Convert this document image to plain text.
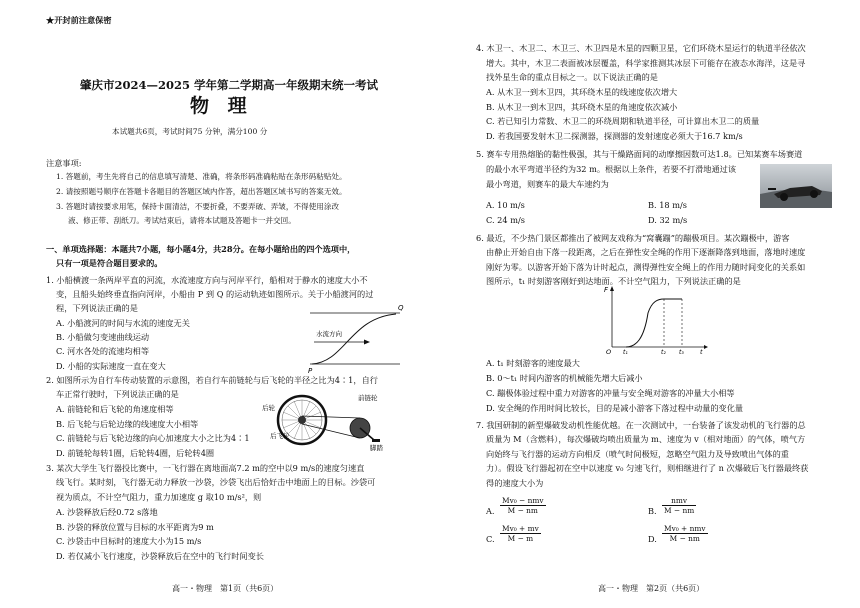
★开封前注意保密
肇庆市2024—2025 学年第二学期高一年级期末统一考试
物 理
本试题共6页，考试时间75 分钟，满分100 分
注意事项:
1. 答题前，考生先将自己的信息填写清楚、准确，将条形码准确粘贴在条形码粘贴处。
2. 请按照题号顺序在答题卡各题目的答题区域内作答，超出答题区域书写的答案无效。
3. 答题时请按要求用笔，保持卡面清洁，不要折叠，不要弄破、弄皱，不得使用涂改
液、修正带、刮纸刀。考试结束后，请将本试题及答题卡一并交回。
一、单项选择题：本题共7小题，每小题4分，共28分。在每小题给出的四个选项中，
只有一项是符合题目要求的。
1. 小船横渡一条两岸平直的河流，水流速度方向与河岸平行，船相对于静水的速度大小不
变，且船头始终垂直指向河岸，小船由 P 到 Q 的运动轨迹如图所示。关于小船渡河的过
程，下列说法正确的是
A. 小船渡河的时间与水流的速度无关
B. 小船做匀变速曲线运动
C. 河水各处的流速均相等
D. 小船的实际速度一直在变大
水流方向
Q
P
2. 如图所示为自行车传动装置的示意图，若自行车前链轮与后飞轮的半径之比为4∶1，自行
车正常行驶时，下列说法正确的是
A. 前链轮和后飞轮的角速度相等
B. 后飞轮与后轮边缘的线速度大小相等
C. 前链轮与后飞轮边缘的向心加速度大小之比为4∶1
D. 前链轮每转1圈，后轮转4圈，后轮转4圈
后轮
前链轮
后飞轮
脚踏
3. 某次大学生飞行器投比赛中，一飞行器在离地面高7.2 m的空中以9 m/s的速度匀速直
线飞行。某时刻，飞行器无动力释放一沙袋，沙袋飞出后恰好击中地面上的目标。沙袋可
视为质点，不计空气阻力，重力加速度 g 取10 m/s²，则
A. 沙袋释放后经0.72 s落地
B. 沙袋的释放位置与目标的水平距离为9 m
C. 沙袋击中目标时的速度大小为15 m/s
D. 若仅减小飞行速度，沙袋释放后在空中的飞行时间变长
高一・物理　第1页（共6页）
4. 木卫一、木卫二、木卫三、木卫四是木星的四颗卫星，它们环绕木星运行的轨道半径依次
增大。其中，木卫二表面被冰层覆盖，科学家推测其冰层下可能存在液态水海洋，这是寻
找外星生命的重点目标之一。以下说法正确的是
A. 从木卫一到木卫四，其环绕木星的线速度依次增大
B. 从木卫一到木卫四，其环绕木星的角速度依次减小
C. 若已知引力常数、木卫二的环绕周期和轨道半径，可计算出木卫二的质量
D. 若我国要发射木卫二探测器，探测器的发射速度必须大于16.7 km/s
5. 赛车专用热熔胎的黏性极强，其与干燥路面间的动摩擦因数可达1.8。已知某赛车场赛道
的最小水平弯道半径约为32 m。根据以上条件，若要不打滑地通过该
最小弯道，则赛车的最大车速约为
A. 10 m/s	B. 18 m/s
C. 24 m/s	D. 32 m/s
6. 最近，不少热门景区都推出了被网友戏称为“窝囊蹦”的蹦极项目。某次蹦极中，游客
由静止开始自由下落一段距离，之后在弹性安全绳的作用下逐渐降落到地面，落地时速度
刚好为零。以游客开始下落为计时起点，测得弹性安全绳上的作用力随时间变化的关系如
图所示，t₁ 时刻游客刚好到达地面。不计空气阻力，下列说法正确的是
F
O t₁	t₂ t₃ t
A. t₁ 时刻游客的速度最大
B. 0～t₁ 时间内游客的机械能先增大后减小
C. 蹦极体验过程中重力对游客的冲量与安全绳对游客的冲量大小相等
D. 安全绳的作用时间比较长，目的是减小游客下落过程中动量的变化量
7. 我国研制的新型爆破发动机性能优越。在一次测试中，一台装备了该发动机的飞行器的总
质量为 M（含燃料），每次爆破均喷出质量为 m、速度为 v（相对地面）的气体，喷气方
向始终与飞行器的运动方向相反（喷气时间极短，忽略空气阻力及导致喷出气体的重
力）。假设飞行器起初在空中以速度 v₀ 匀速飞行，则相继进行了 n 次爆破后飞行器最终获
得的速度大小为
A.
Mv₀ − nmv
M − nm	B.
nmv
M − nm
C. $\frac{\text{Mv₀ + mv}}{M - m}$	D.
Mv₀ + nmv
M − nm
高一・物理　第2页（共6页）
